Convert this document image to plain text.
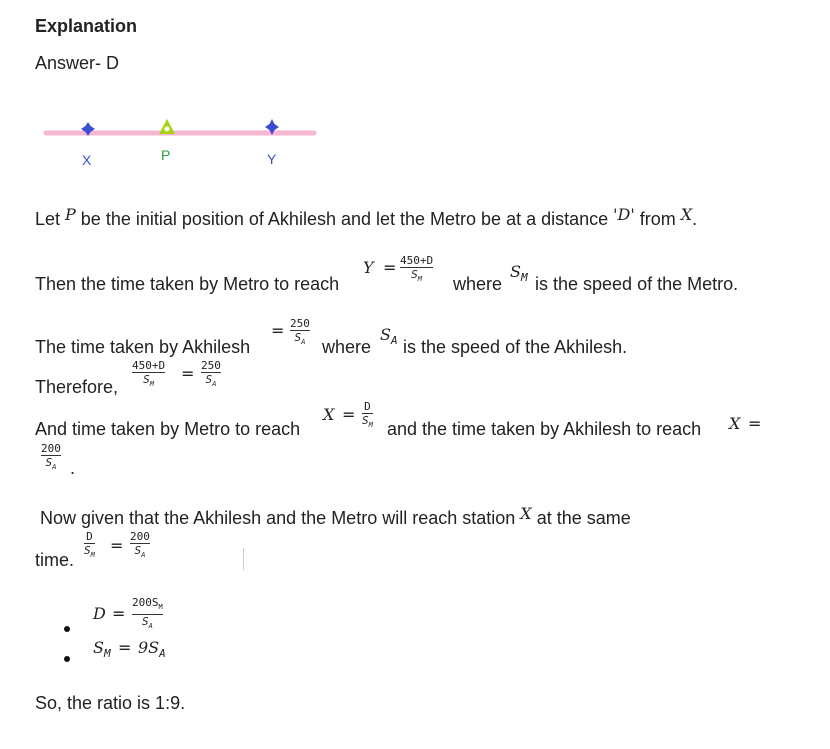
Explanation
Answer- D
X	P	Y
Let P be the initial position of Akhilesh and let the Metro be at a distance 'D' from X.
Then the time taken by Metro to reach
$Y = \frac{450+D}{S_M}$ where
$S_M$ is the speed of the Metro.
= $\frac{250}{S_A}$
The time taken by Akhilesh	where
$S_A$ is the speed of the Akhilesh.
Therefore, $\frac{450+D}{S_M} = \frac{250}{S_A}$
And time taken by Metro to reach
$X = \frac{D}{S_M}$ and the time taken by Akhilesh to reach X =
$\frac{200}{S_A}$ .
Now given that the Akhilesh and the Metro will reach station X at the same
time. $\frac{D}{S_M} = \frac{200}{S_A}$
$D = \frac{200S_M}{S_A}$
$S_M = 9S_A$
So, the ratio is 1:9.
